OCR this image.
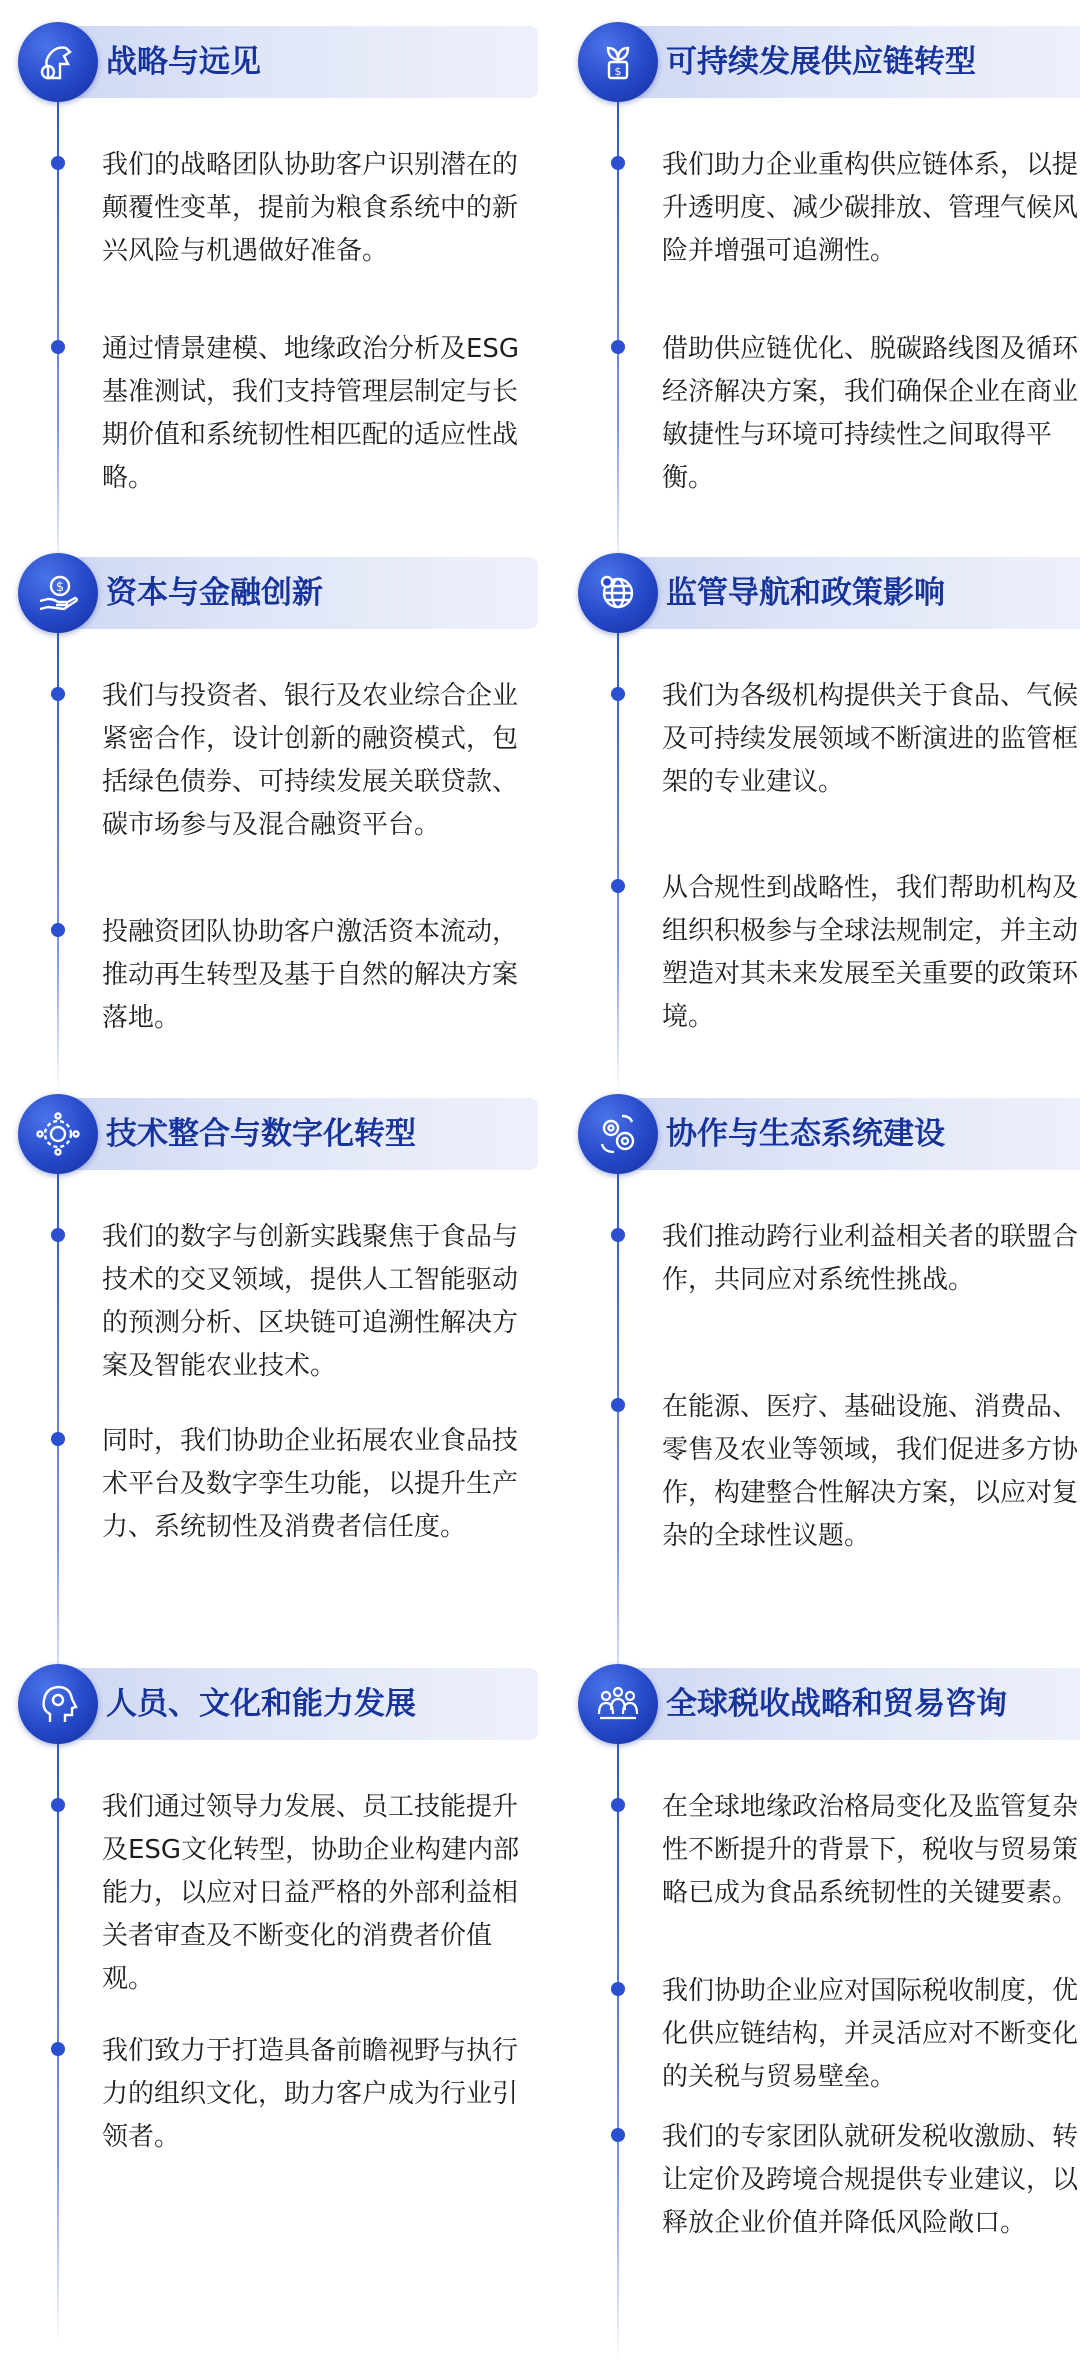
战略与远见
我们的战略团队协助客户识别潜在的颠覆性变革，提前为粮食系统中的新兴风险与机遇做好准备。
通过情景建模、地缘政治分析及ESG基准测试，我们支持管理层制定与长期价值和系统韧性相匹配的适应性战略。
$ 可持续发展供应链转型
我们助力企业重构供应链体系，以提升透明度、减少碳排放、管理气候风险并增强可追溯性。
借助供应链优化、脱碳路线图及循环经济解决方案，我们确保企业在商业敏捷性与环境可持续性之间取得平衡。
$ 资本与金融创新
我们与投资者、银行及农业综合企业紧密合作，设计创新的融资模式，包括绿色债券、可持续发展关联贷款、碳市场参与及混合融资平台。
投融资团队协助客户激活资本流动，推动再生转型及基于自然的解决方案落地。
监管导航和政策影响
我们为各级机构提供关于食品、气候及可持续发展领域不断演进的监管框架的专业建议。
从合规性到战略性，我们帮助机构及组织积极参与全球法规制定，并主动塑造对其未来发展至关重要的政策环境。
技术整合与数字化转型
我们的数字与创新实践聚焦于食品与技术的交叉领域，提供人工智能驱动的预测分析、区块链可追溯性解决方案及智能农业技术。
同时，我们协助企业拓展农业食品技术平台及数字孪生功能，以提升生产力、系统韧性及消费者信任度。
协作与生态系统建设
我们推动跨行业利益相关者的联盟合作，共同应对系统性挑战。
在能源、医疗、基础设施、消费品、零售及农业等领域，我们促进多方协作，构建整合性解决方案，以应对复杂的全球性议题。
人员、文化和能力发展
我们通过领导力发展、员工技能提升及ESG文化转型，协助企业构建内部能力，以应对日益严格的外部利益相关者审查及不断变化的消费者价值观。
我们致力于打造具备前瞻视野与执行力的组织文化，助力客户成为行业引领者。
全球税收战略和贸易咨询
在全球地缘政治格局变化及监管复杂性不断提升的背景下，税收与贸易策略已成为食品系统韧性的关键要素。
我们协助企业应对国际税收制度，优化供应链结构，并灵活应对不断变化的关税与贸易壁垒。
我们的专家团队就研发税收激励、转让定价及跨境合规提供专业建议，以释放企业价值并降低风险敞口。
